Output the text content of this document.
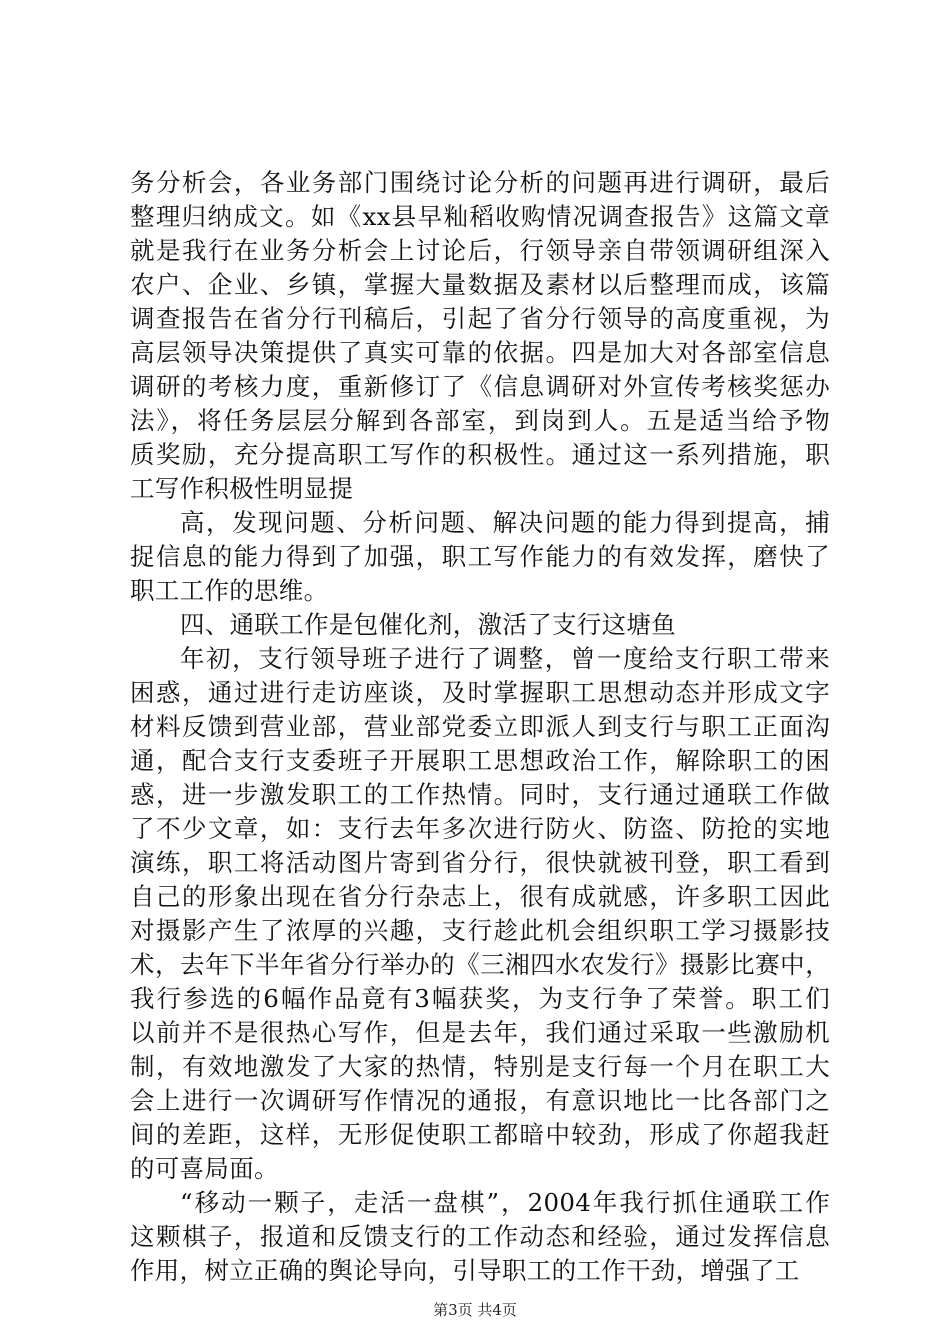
务分析会，各业务部门围绕讨论分析的问题再进行调研，最后
整理归纳成文。如《xx县早籼稻收购情况调查报告》这篇文章
就是我行在业务分析会上讨论后，行领导亲自带领调研组深入
农户、企业、乡镇，掌握大量数据及素材以后整理而成，该篇
调查报告在省分行刊稿后，引起了省分行领导的高度重视，为
高层领导决策提供了真实可靠的依据。四是加大对各部室信息
调研的考核力度，重新修订了《信息调研对外宣传考核奖惩办
法》，将任务层层分解到各部室，到岗到人。五是适当给予物
质奖励，充分提高职工写作的积极性。通过这一系列措施，职
工写作积极性明显提
高，发现问题、分析问题、解决问题的能力得到提高，捕
捉信息的能力得到了加强，职工写作能力的有效发挥，磨快了
职工工作的思维。
四、通联工作是包催化剂，激活了支行这塘鱼
年初，支行领导班子进行了调整，曾一度给支行职工带来
困惑，通过进行走访座谈，及时掌握职工思想动态并形成文字
材料反馈到营业部，营业部党委立即派人到支行与职工正面沟
通，配合支行支委班子开展职工思想政治工作，解除职工的困
惑，进一步激发职工的工作热情。同时，支行通过通联工作做
了不少文章，如：支行去年多次进行防火、防盗、防抢的实地
演练，职工将活动图片寄到省分行，很快就被刊登，职工看到
自己的形象出现在省分行杂志上，很有成就感，许多职工因此
对摄影产生了浓厚的兴趣，支行趁此机会组织职工学习摄影技
术，去年下半年省分行举办的《三湘四水农发行》摄影比赛中，
我行参选的6幅作品竟有3幅获奖，为支行争了荣誉。职工们
以前并不是很热心写作，但是去年，我们通过采取一些激励机
制，有效地激发了大家的热情，特别是支行每一个月在职工大
会上进行一次调研写作情况的通报，有意识地比一比各部门之
间的差距，这样，无形促使职工都暗中较劲，形成了你超我赶
的可喜局面。
“移动一颗子，走活一盘棋”，2004年我行抓住通联工作
这颗棋子，报道和反馈支行的工作动态和经验，通过发挥信息
作用，树立正确的舆论导向，引导职工的工作干劲，增强了工
第3页 共4页
